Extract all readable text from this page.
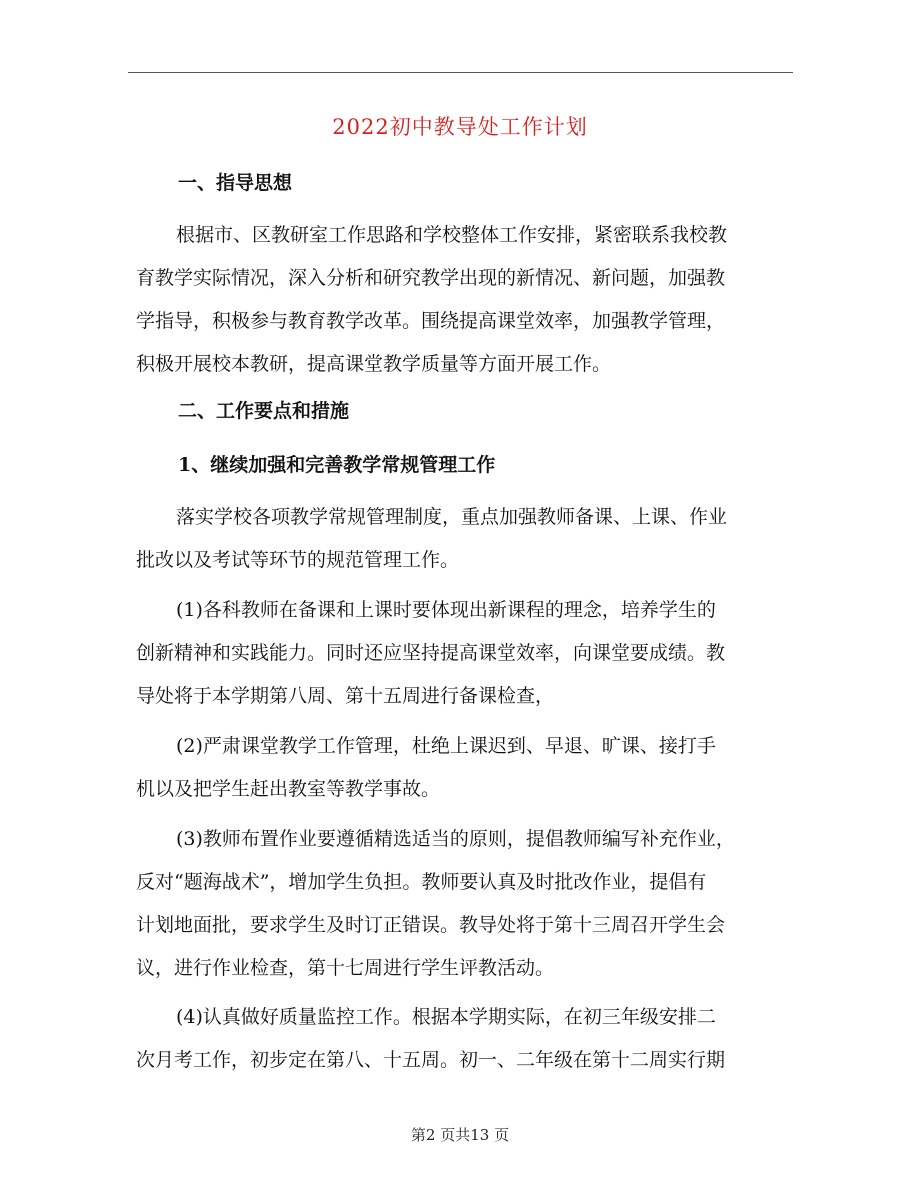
2022初中教导处工作计划
一、指导思想
根据市、区教研室工作思路和学校整体工作安排，紧密联系我校教
育教学实际情况，深入分析和研究教学出现的新情况、新问题，加强教
学指导，积极参与教育教学改革。围绕提高课堂效率，加强教学管理，
积极开展校本教研，提高课堂教学质量等方面开展工作。
二、工作要点和措施
1、继续加强和完善教学常规管理工作
落实学校各项教学常规管理制度，重点加强教师备课、上课、作业
批改以及考试等环节的规范管理工作。
(1)各科教师在备课和上课时要体现出新课程的理念，培养学生的
创新精神和实践能力。同时还应坚持提高课堂效率，向课堂要成绩。教
导处将于本学期第八周、第十五周进行备课检查，
(2)严肃课堂教学工作管理，杜绝上课迟到、早退、旷课、接打手
机以及把学生赶出教室等教学事故。
(3)教师布置作业要遵循精选适当的原则，提倡教师编写补充作业，
反对“题海战术”，增加学生负担。教师要认真及时批改作业，提倡有
计划地面批，要求学生及时订正错误。教导处将于第十三周召开学生会
议，进行作业检查，第十七周进行学生评教活动。
(4)认真做好质量监控工作。根据本学期实际，在初三年级安排二
次月考工作，初步定在第八、十五周。初一、二年级在第十二周实行期
第2 页共13 页
